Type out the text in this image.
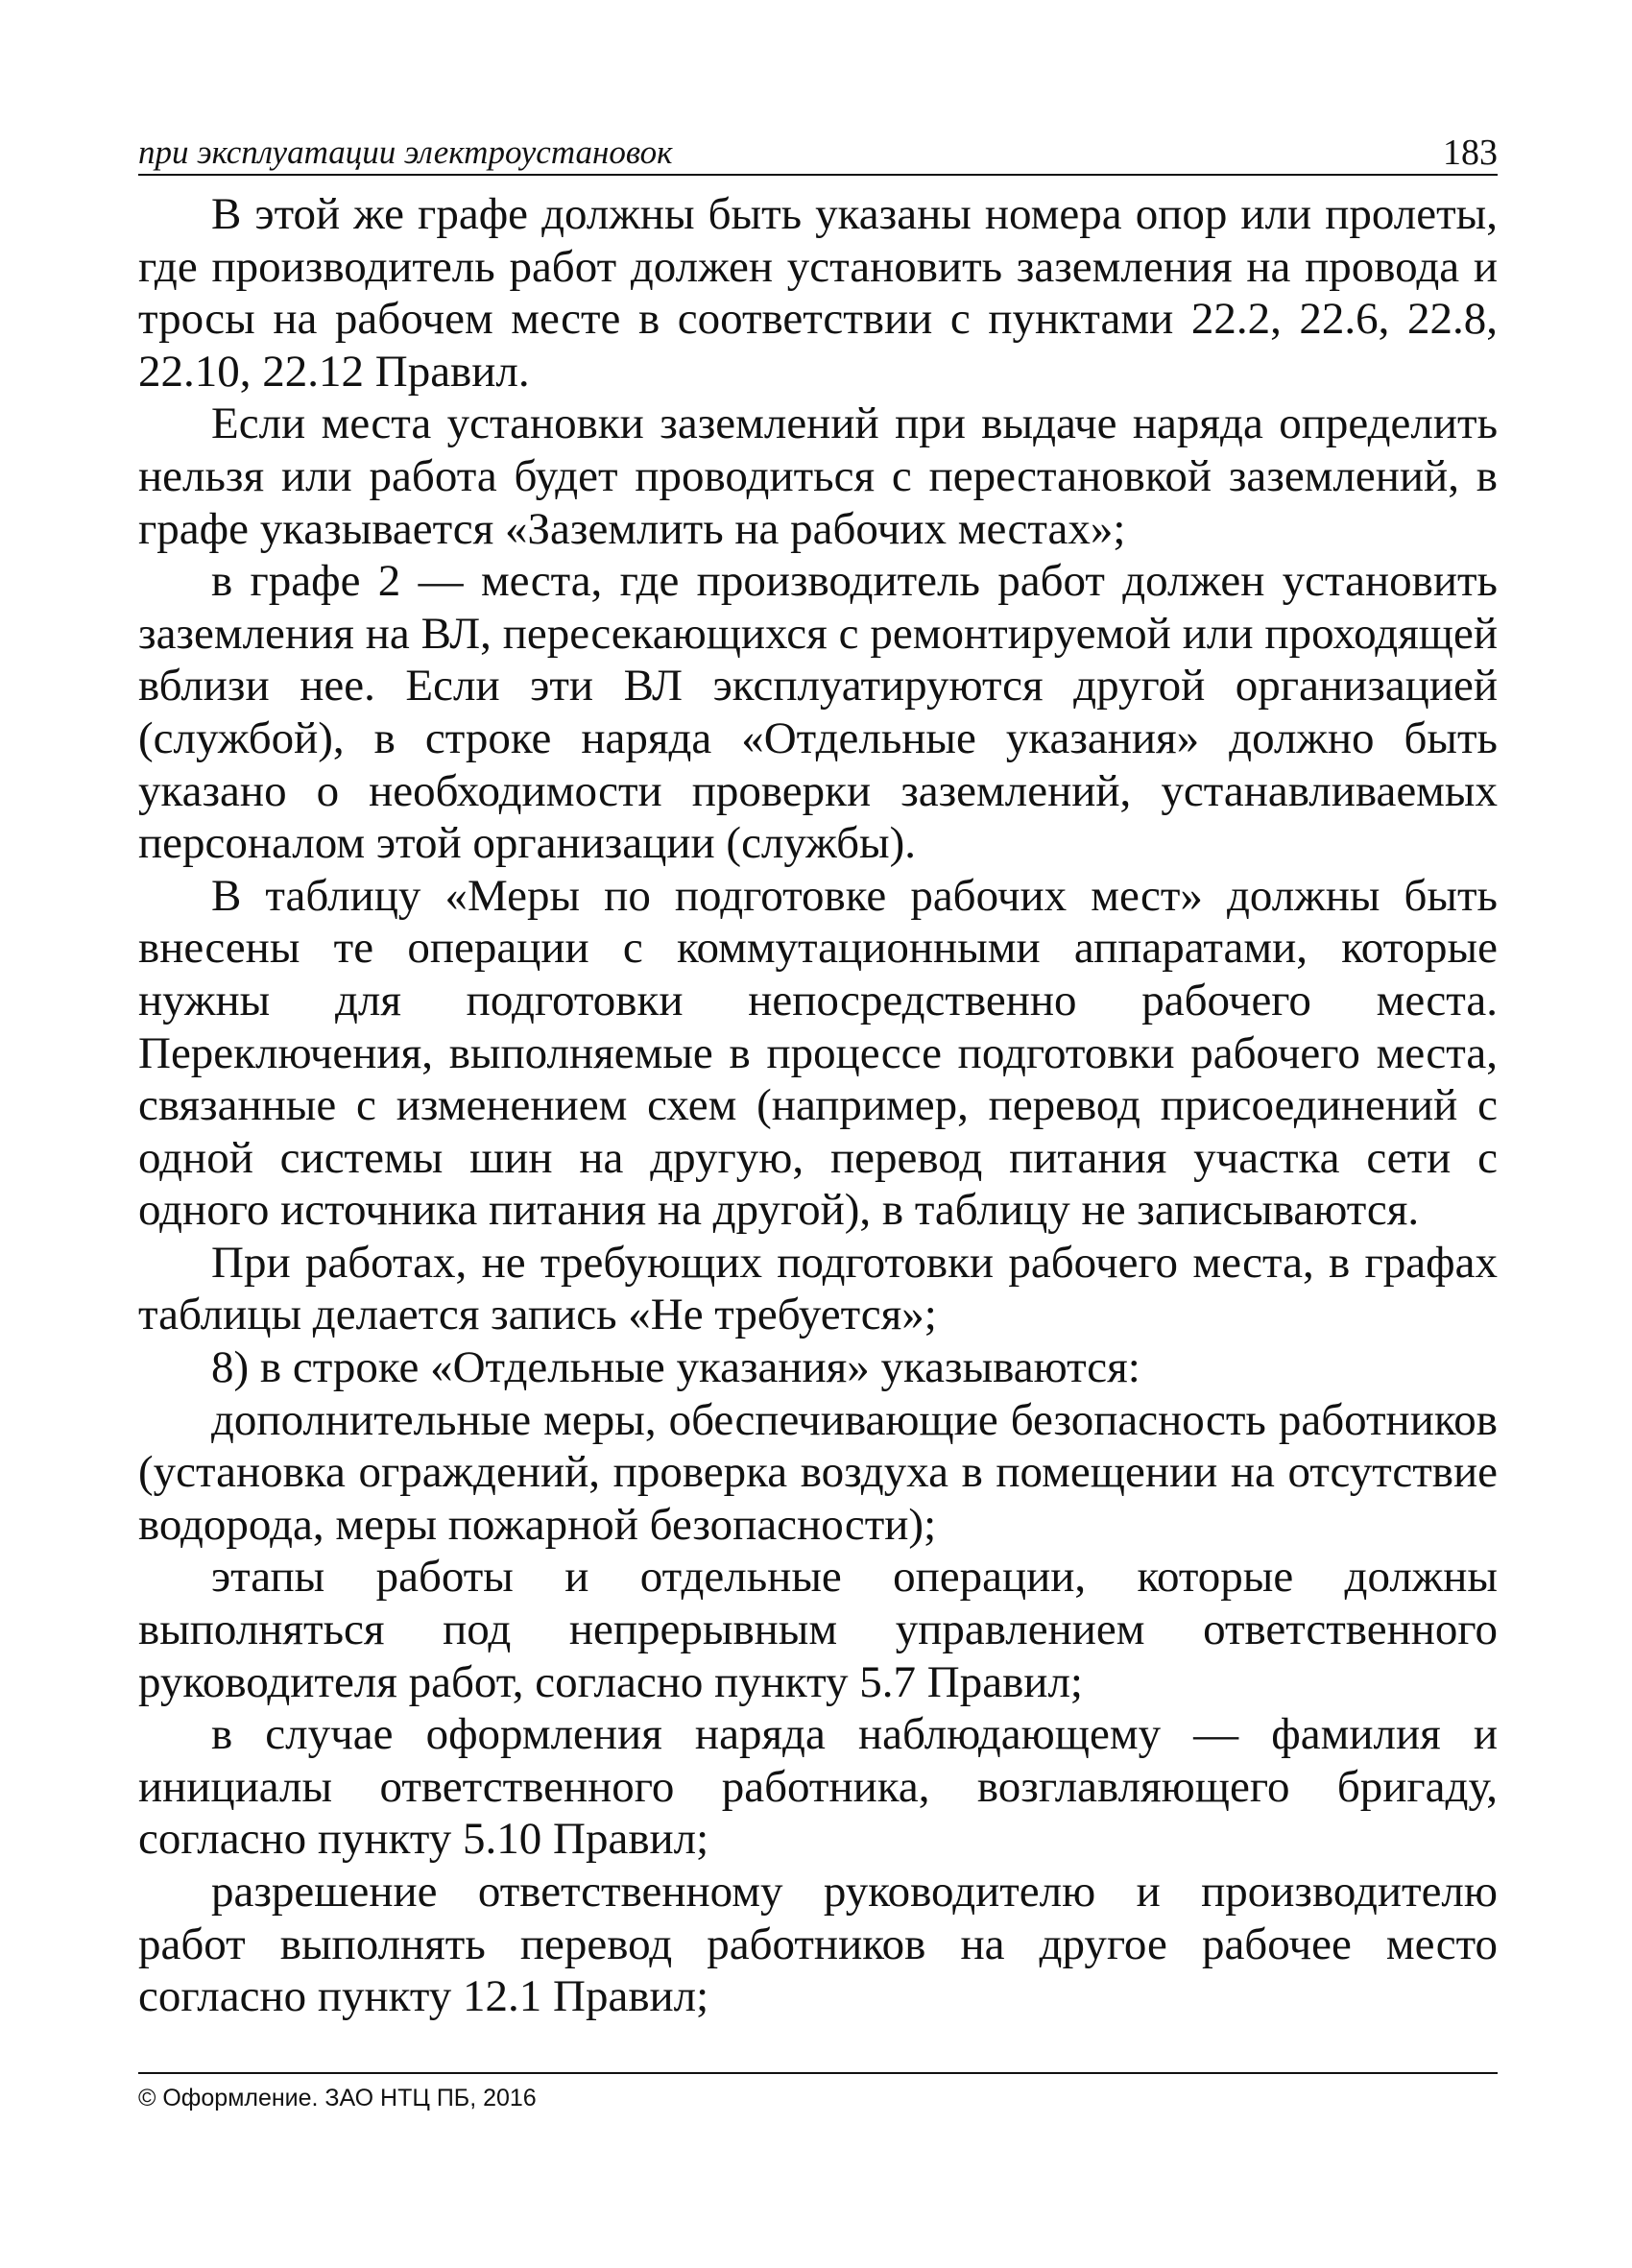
при эксплуатации электроустановок	183

В этой же графе должны быть указаны номера опор или пролеты, где производитель работ должен установить заземления на провода и тросы на рабочем месте в соответствии с пунктами 22.2, 22.6, 22.8, 22.10, 22.12 Правил.

Если места установки заземлений при выдаче наряда определить нельзя или работа будет проводиться с перестановкой заземлений, в графе указывается «Заземлить на рабочих местах»;

в графе 2 — места, где производитель работ должен установить заземления на ВЛ, пересекающихся с ремонтируемой или проходящей вблизи нее. Если эти ВЛ эксплуатируются другой организацией (службой), в строке наряда «Отдельные указания» должно быть указано о необходимости проверки заземлений, устанавливаемых персоналом этой организации (службы).

В таблицу «Меры по подготовке рабочих мест» должны быть внесены те операции с коммутационными аппаратами, которые нужны для подготовки непосредственно рабочего места. Переключения, выполняемые в процессе подготовки рабочего места, связанные с изменением схем (например, перевод присоединений с одной системы шин на другую, перевод питания участка сети с одного источника питания на другой), в таблицу не записываются.

При работах, не требующих подготовки рабочего места, в графах таблицы делается запись «Не требуется»;

8) в строке «Отдельные указания» указываются:

дополнительные меры, обеспечивающие безопасность работников (установка ограждений, проверка воздуха в помещении на отсутствие водорода, меры пожарной безопасности);

этапы работы и отдельные операции, которые должны выполняться под непрерывным управлением ответственного руководителя работ, согласно пункту 5.7 Правил;

в случае оформления наряда наблюдающему — фамилия и инициалы ответственного работника, возглавляющего бригаду, согласно пункту 5.10 Правил;

разрешение ответственному руководителю и производителю работ выполнять перевод работников на другое рабочее место согласно пункту 12.1 Правил;

© Оформление. ЗАО НТЦ ПБ, 2016
